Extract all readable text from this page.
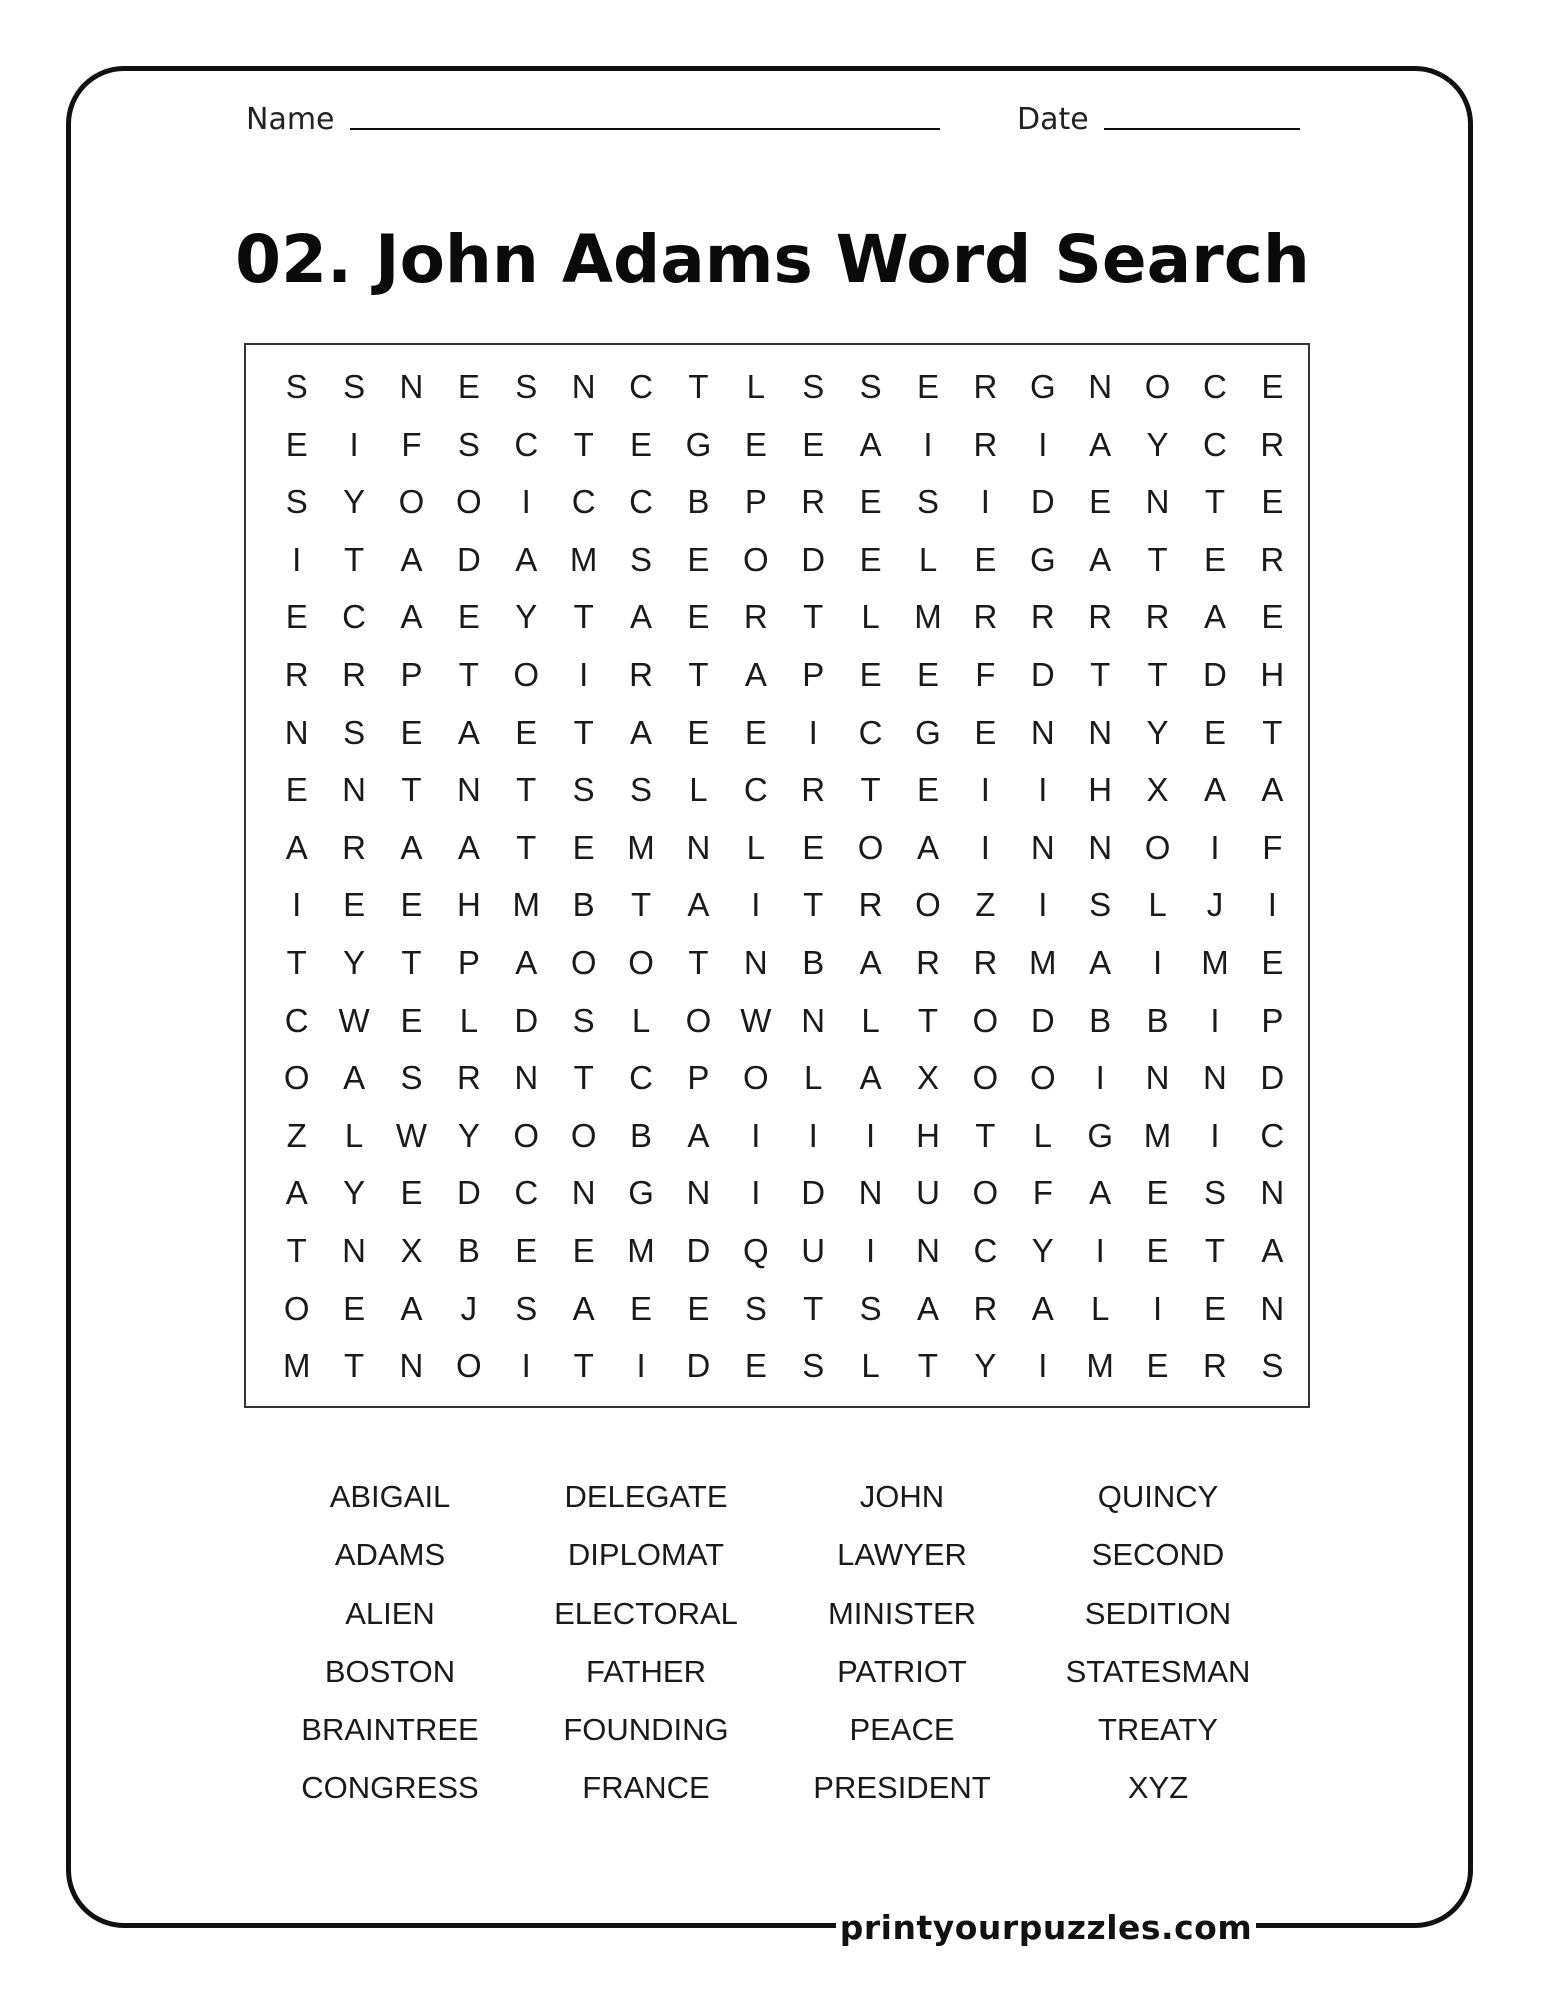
Name	Date
02. John Adams Word Search
S	S	N	E	S	N	C	T	L	S	S	E	R G N O C	E
E	I	F	S	C	T	E	G	E	E	A	I	R	I	A	Y	C	R
S	Y	O O	I	C	C	B	P	R	E	S	I	D	E	N	T	E
I	T	A	D	A M S	E	O D	E	L	E	G	A	T	E	R
E	C	A	E	Y	T	A	E	R	T	L	M R	R	R	R	A	E
R	R	P	T	O	I	R	T	A	P	E	E	F	D	T	T	D	H
N	S	E	A	E	T	A	E	E	I	C G	E	N	N	Y	E	T
E	N	T	N	T	S	S	L	C	R	T	E	I	I	H	X	A	A
A	R	A	A	T	E M N	L	E	O	A	I	N	N O	I	F
I	E	E	H M B	T	A	I	T	R O	Z	I	S	L	J	I
T	Y	T	P	A	O O	T	N	B	A	R	R M A	I	M E
C W E	L	D	S	L	O W N	L	T	O D	B	B	I	P
O	A	S	R	N	T	C	P	O	L	A	X	O O	I	N	N	D
Z	L W Y	O O	B	A	I	I	I	H	T	L	G M	I	C
A	Y	E	D	C	N G N	I	D	N	U O	F	A	E	S	N
T	N	X	B	E	E M D Q U	I	N	C	Y	I	E	T	A
O	E	A	J	S	A	E	E	S	T	S	A	R	A	L	I	E	N
M	T	N O	I	T	I	D	E	S	L	T	Y	I	M E	R	S
ABIGAIL	DELEGATE	JOHN	QUINCY
ADAMS	DIPLOMAT	LAWYER	SECOND
ALIEN	ELECTORAL	MINISTER	SEDITION
BOSTON	FATHER	PATRIOT	STATESMAN
BRAINTREE	FOUNDING	PEACE	TREATY
CONGRESS	FRANCE	PRESIDENT	XYZ
printyourpuzzles.com
